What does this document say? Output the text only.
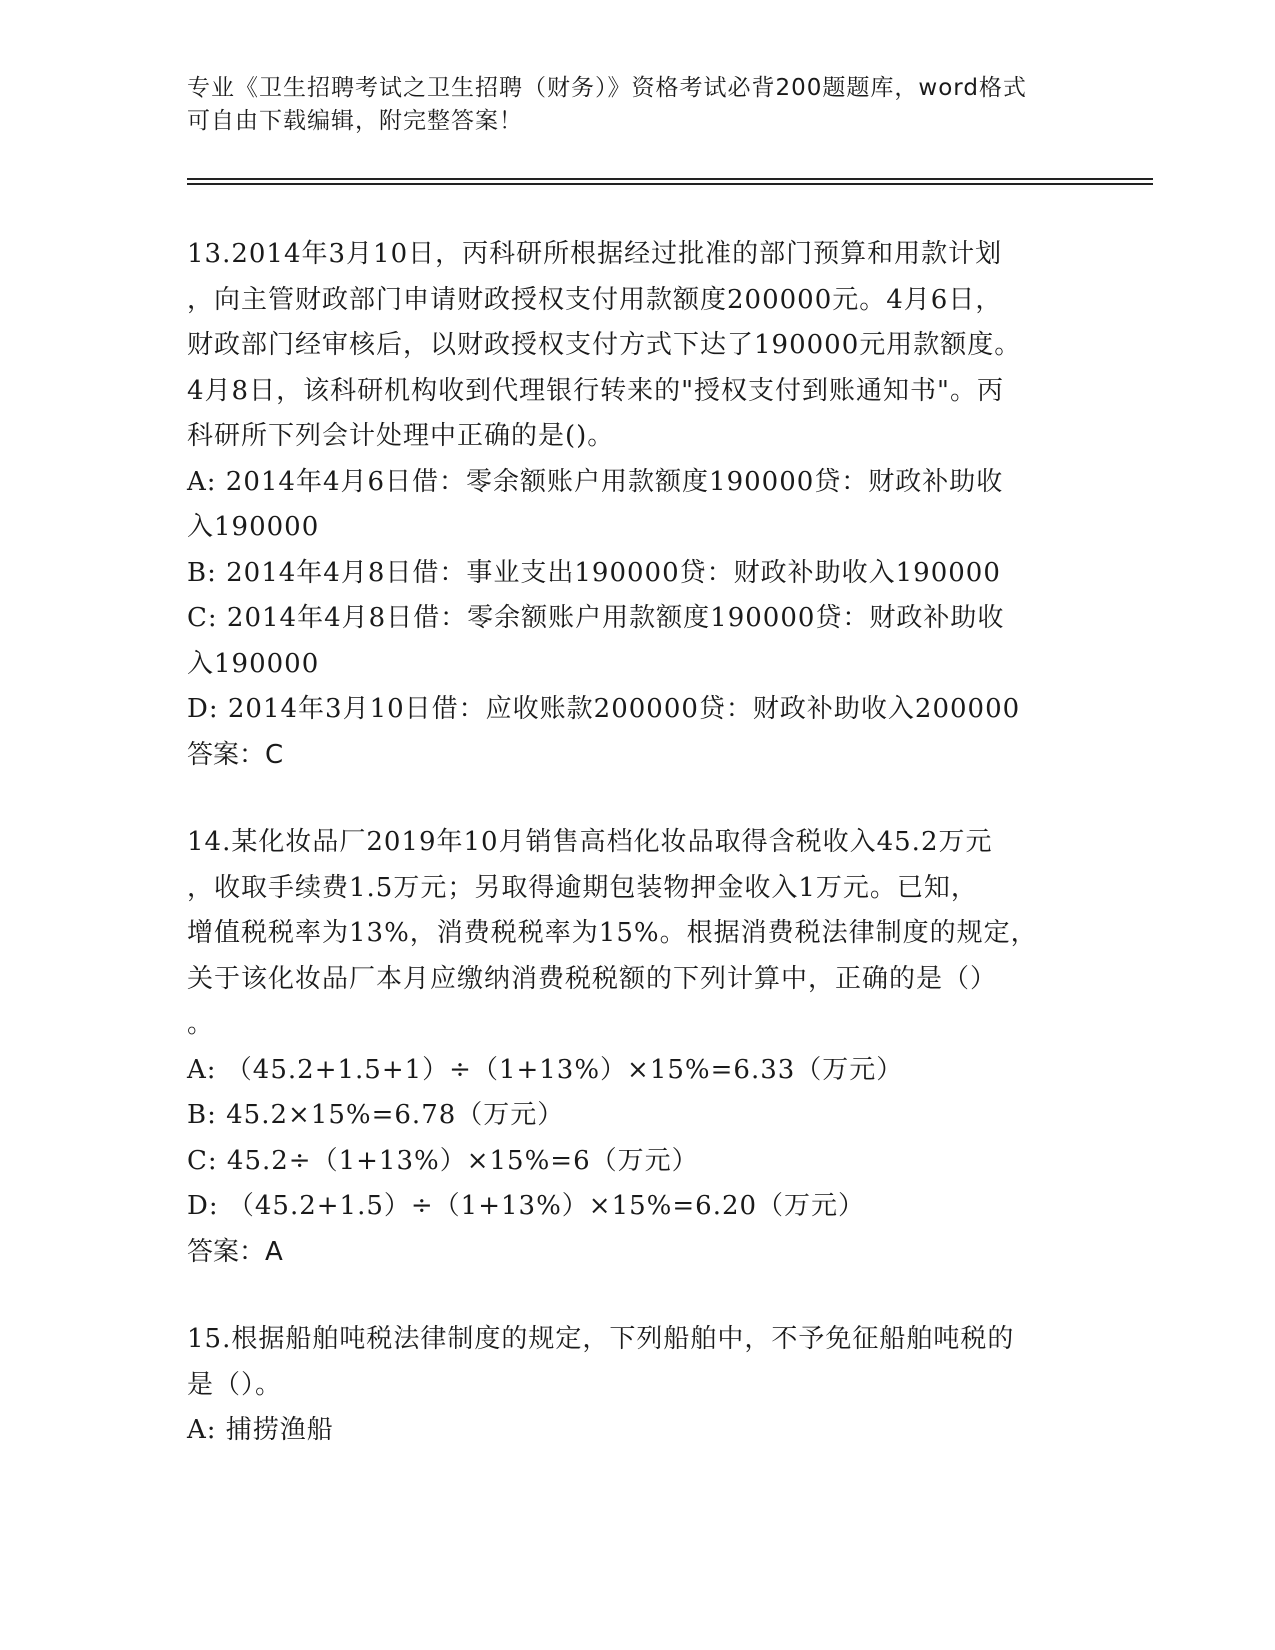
专业《卫生招聘考试之卫生招聘（财务）》资格考试必背200题题库，word格式
可自由下载编辑，附完整答案！
13.2014年3月10日，丙科研所根据经过批准的部门预算和用款计划
，向主管财政部门申请财政授权支付用款额度200000元。4月6日，
财政部门经审核后，以财政授权支付方式下达了190000元用款额度。
4月8日，该科研机构收到代理银行转来的"授权支付到账通知书"。丙
科研所下列会计处理中正确的是()。
A: 2014年4月6日借：零余额账户用款额度190000贷：财政补助收
入190000
B: 2014年4月8日借：事业支出190000贷：财政补助收入190000
C: 2014年4月8日借：零余额账户用款额度190000贷：财政补助收
入190000
D: 2014年3月10日借：应收账款200000贷：财政补助收入200000
答案：C
14.某化妆品厂2019年10月销售高档化妆品取得含税收入45.2万元
，收取手续费1.5万元；另取得逾期包装物押金收入1万元。已知，
增值税税率为13%，消费税税率为15%。根据消费税法律制度的规定，
关于该化妆品厂本月应缴纳消费税税额的下列计算中，正确的是（）
。
A: （45.2+1.5+1）÷（1+13%）×15%=6.33（万元）
B: 45.2×15%=6.78（万元）
C: 45.2÷（1+13%）×15%=6（万元）
D: （45.2+1.5）÷（1+13%）×15%=6.20（万元）
答案：A
15.根据船舶吨税法律制度的规定，下列船舶中，不予免征船舶吨税的
是（）。
A: 捕捞渔船
